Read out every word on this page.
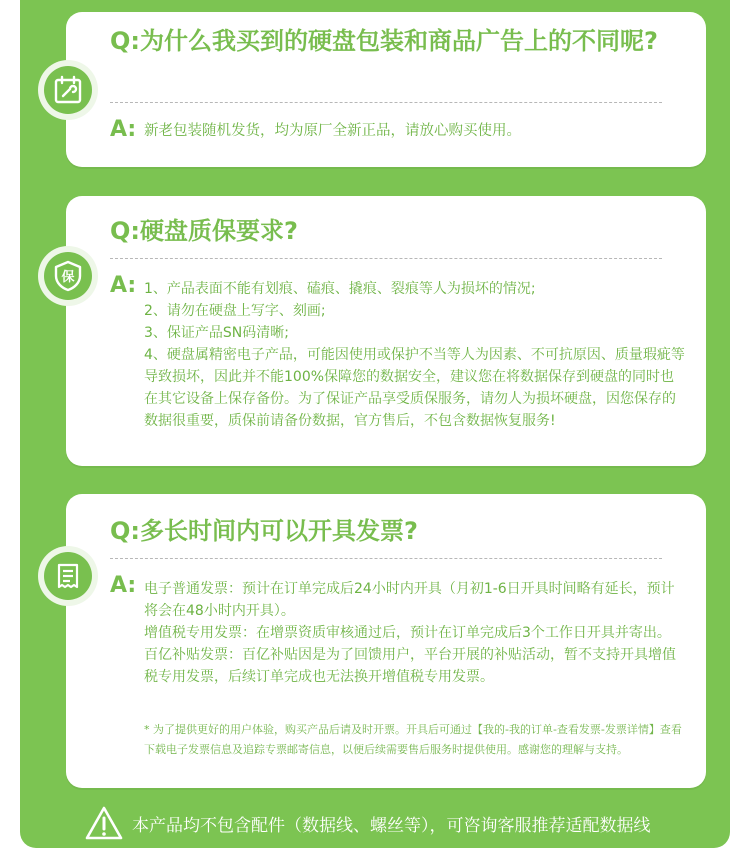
Q:为什么我买到的硬盘包装和商品广告上的不同呢?
A: 新老包装随机发货，均为原厂全新正品，请放心购买使用。

Q:硬盘质保要求?
A: 1、产品表面不能有划痕、磕痕、撬痕、裂痕等人为损坏的情况;

2、请勿在硬盘上写字、刻画;

3、保证产品SN码清晰;

4、硬盘属精密电子产品，可能因使用或保护不当等人为因素、不可抗原因、质量瑕疵等导致损坏，因此并不能100%保障您的数据安全，建议您在将数据保存到硬盘的同时也在其它设备上保存备份。为了保证产品享受质保服务，请勿人为损坏硬盘，因您保存的数据很重要，质保前请备份数据，官方售后，不包含数据恢复服务!

保
Q:多长时间内可以开具发票?
A: 电子普通发票：预计在订单完成后24小时内开具（月初1-6日开具时间略有延长，预计将会在48小时内开具）。

增值税专用发票：在增票资质审核通过后，预计在订单完成后3个工作日开具并寄出。

百亿补贴发票：百亿补贴因是为了回馈用户，平台开展的补贴活动，暂不支持开具增值税专用发票，后续订单完成也无法换开增值税专用发票。

* 为了提供更好的用户体验，购买产品后请及时开票。开具后可通过【我的-我的订单-查看发票-发票详情】查看下载电子发票信息及追踪专票邮寄信息，以便后续需要售后服务时提供使用。感谢您的理解与支持。

本产品均不包含配件（数据线、螺丝等），可咨询客服推荐适配数据线
